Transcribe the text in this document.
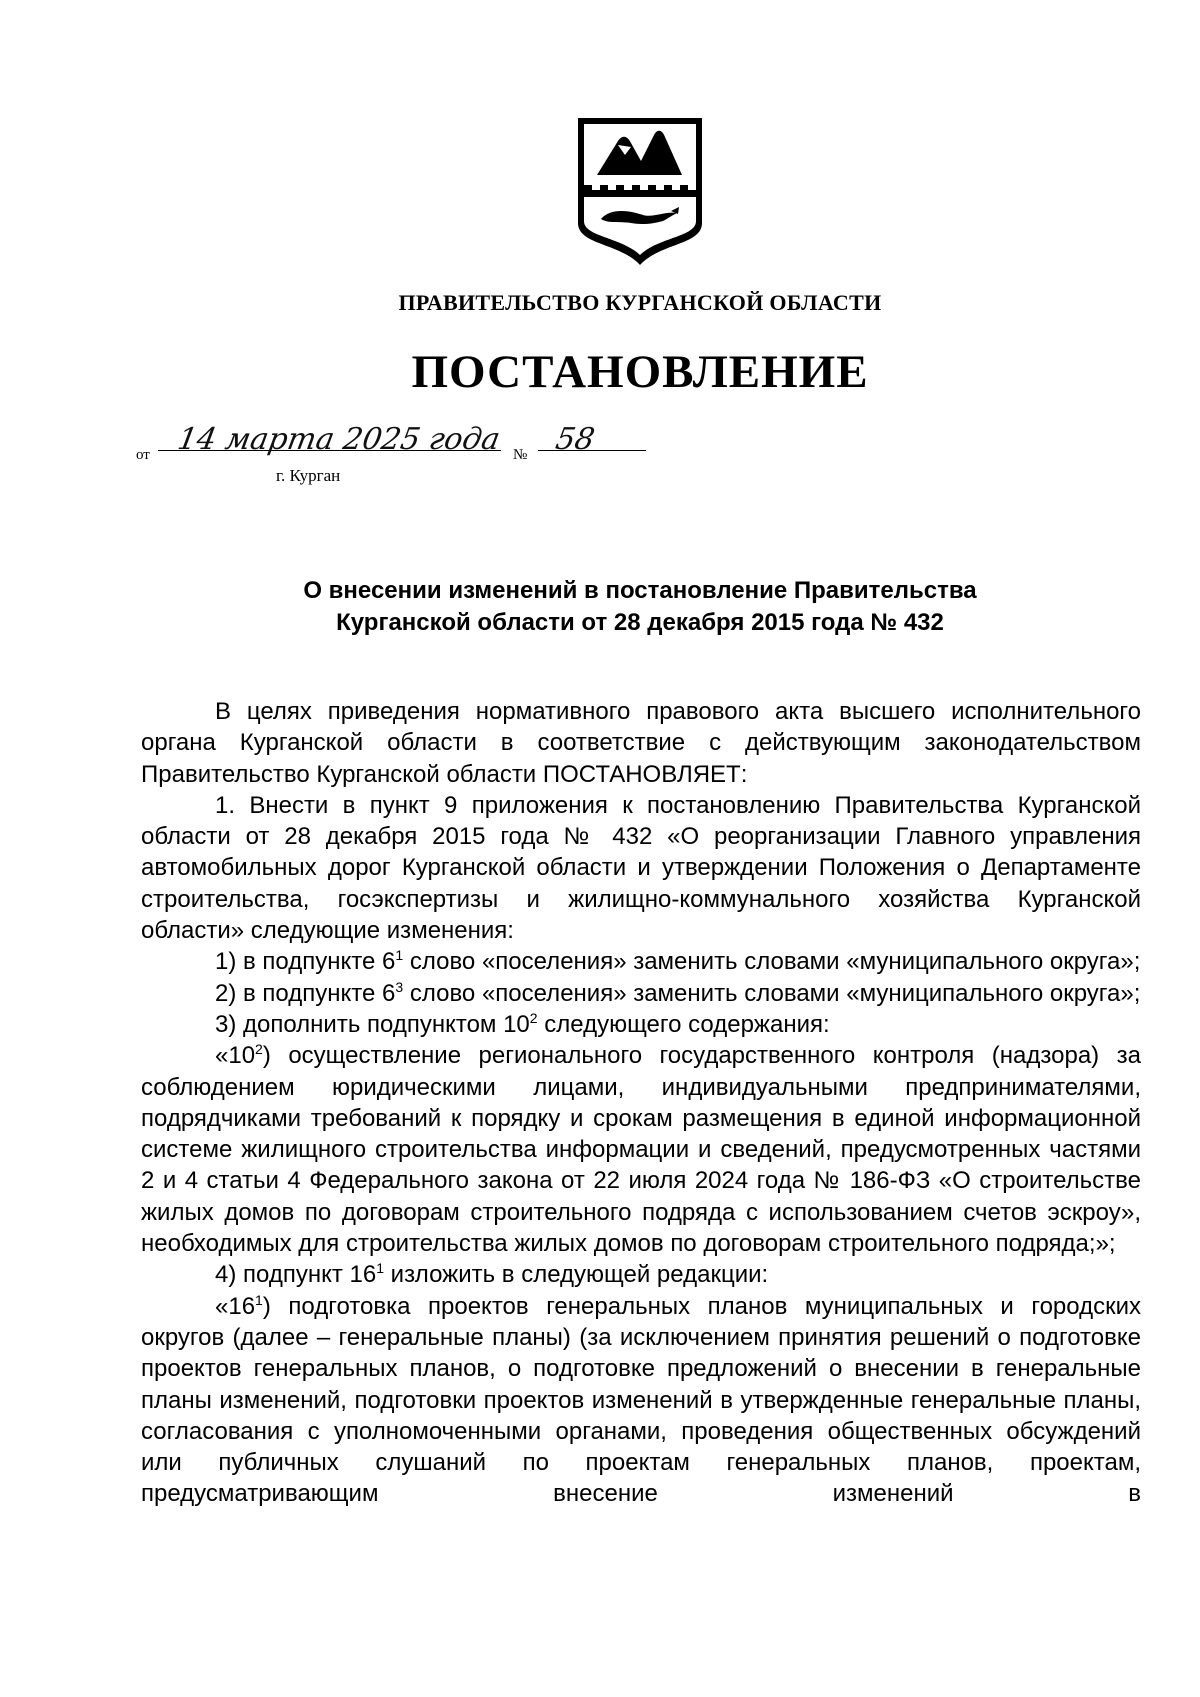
ПРАВИТЕЛЬСТВО КУРГАНСКОЙ ОБЛАСТИ
ПОСТАНОВЛЕНИЕ
от 14 марта 2025 года № 58
г. Курган
О внесении изменений в постановление Правительства
Курганской области от 28 декабря 2015 года № 432

В целях приведения нормативного правового акта высшего исполнительного органа Курганской области в соответствие с действующим законодательством Правительство Курганской области ПОСТАНОВЛЯЕТ:

1. Внести в пункт 9 приложения к постановлению Правительства Курганской области от 28 декабря 2015 года № 432 «О реорганизации Главного управления автомобильных дорог Курганской области и утверждении Положения о Департаменте строительства, госэкспертизы и жилищно-коммунального хозяйства Курганской области» следующие изменения:

1) в подпункте $6^1$ слово «поселения» заменить словами «муниципального округа»;

2) в подпункте $6^3$ слово «поселения» заменить словами «муниципального округа»;

3) дополнить подпунктом $10^2$ следующего содержания:

«$10^2$) осуществление регионального государственного контроля (надзора) за соблюдением юридическими лицами, индивидуальными предпринимателями, подрядчиками требований к порядку и срокам размещения в единой информационной системе жилищного строительства информации и сведений, предусмотренных частями 2 и 4 статьи 4 Федерального закона от 22 июля 2024 года № 186-ФЗ «О строительстве жилых домов по договорам строительного подряда с использованием счетов эскроу», необходимых для строительства жилых домов по договорам строительного подряда;»;

4) подпункт $16^1$ изложить в следующей редакции:

«$16^1$) подготовка проектов генеральных планов муниципальных и городских округов (далее – генеральные планы) (за исключением принятия решений о подготовке проектов генеральных планов, о подготовке предложений о внесении в генеральные планы изменений, подготовки проектов изменений в утвержденные генеральные планы, согласования с уполномоченными органами, проведения общественных обсуждений или публичных слушаний по проектам генеральных планов, проектам, предусматривающим внесение изменений в
